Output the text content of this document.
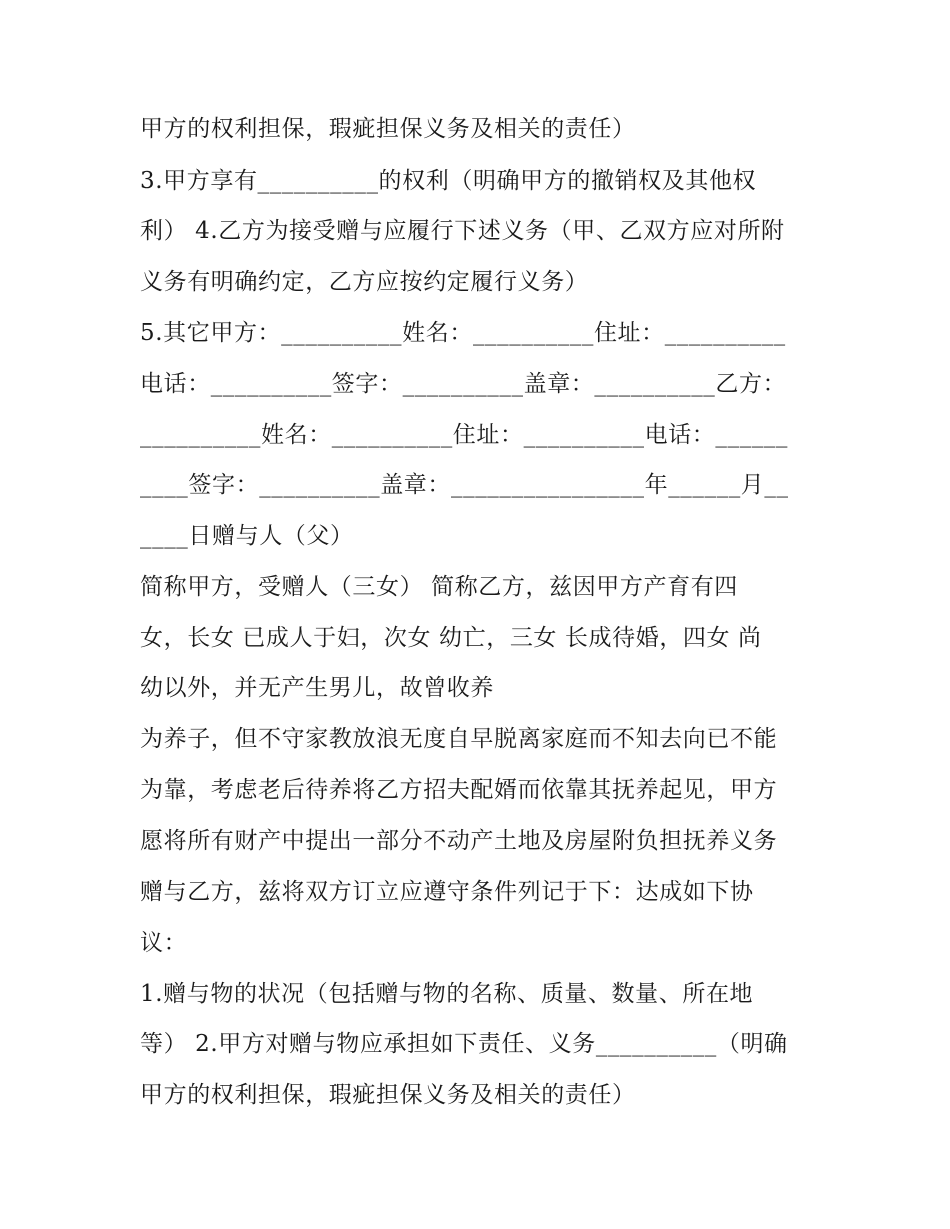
甲方的权利担保，瑕疵担保义务及相关的责任）

3.甲方享有__________的权利（明确甲方的撤销权及其他权

利） 4.乙方为接受赠与应履行下述义务（甲、乙双方应对所附

义务有明确约定，乙方应按约定履行义务）

5.其它甲方：__________姓名：__________住址：__________

电话：__________签字：__________盖章：__________乙方：

__________姓名：__________住址：__________电话：______

____签字：__________盖章：________________年______月__

____日赠与人（父）

简称甲方，受赠人（三女） 简称乙方，兹因甲方产育有四

女，长女 已成人于妇，次女 幼亡，三女 长成待婚，四女 尚

幼以外，并无产生男儿，故曾收养

为养子，但不守家教放浪无度自早脱离家庭而不知去向已不能

为靠，考虑老后待养将乙方招夫配婿而依靠其抚养起见，甲方

愿将所有财产中提出一部分不动产土地及房屋附负担抚养义务

赠与乙方，兹将双方订立应遵守条件列记于下：达成如下协

议：

1.赠与物的状况（包括赠与物的名称、质量、数量、所在地

等） 2.甲方对赠与物应承担如下责任、义务__________（明确

甲方的权利担保，瑕疵担保义务及相关的责任）
